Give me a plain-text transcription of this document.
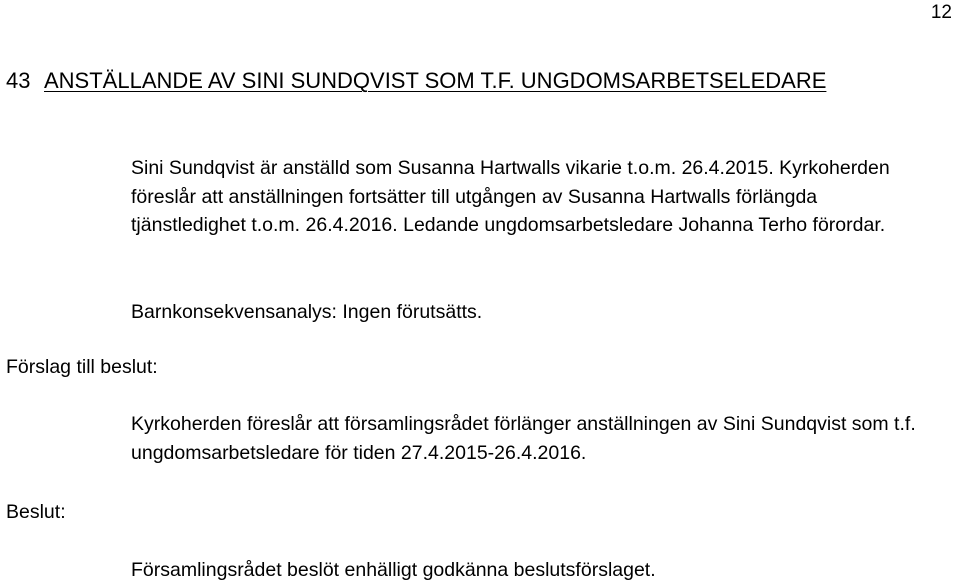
12
43 ANSTÄLLANDE AV SINI SUNDQVIST SOM T.F. UNGDOMSARBETSELEDARE

Sini Sundqvist är anställd som Susanna Hartwalls vikarie t.o.m. 26.4.2015. Kyrkoherden föreslår att anställningen fortsätter till utgången av Susanna Hartwalls förlängda tjänstledighet t.o.m. 26.4.2016. Ledande ungdomsarbetsledare Johanna Terho förordar.

Barnkonsekvensanalys: Ingen förutsätts.

Förslag till beslut:

Kyrkoherden föreslår att församlingsrådet förlänger anställningen av Sini Sundqvist som t.f. ungdomsarbetsledare för tiden 27.4.2015-26.4.2016.

Beslut:

Församlingsrådet beslöt enhälligt godkänna beslutsförslaget.
